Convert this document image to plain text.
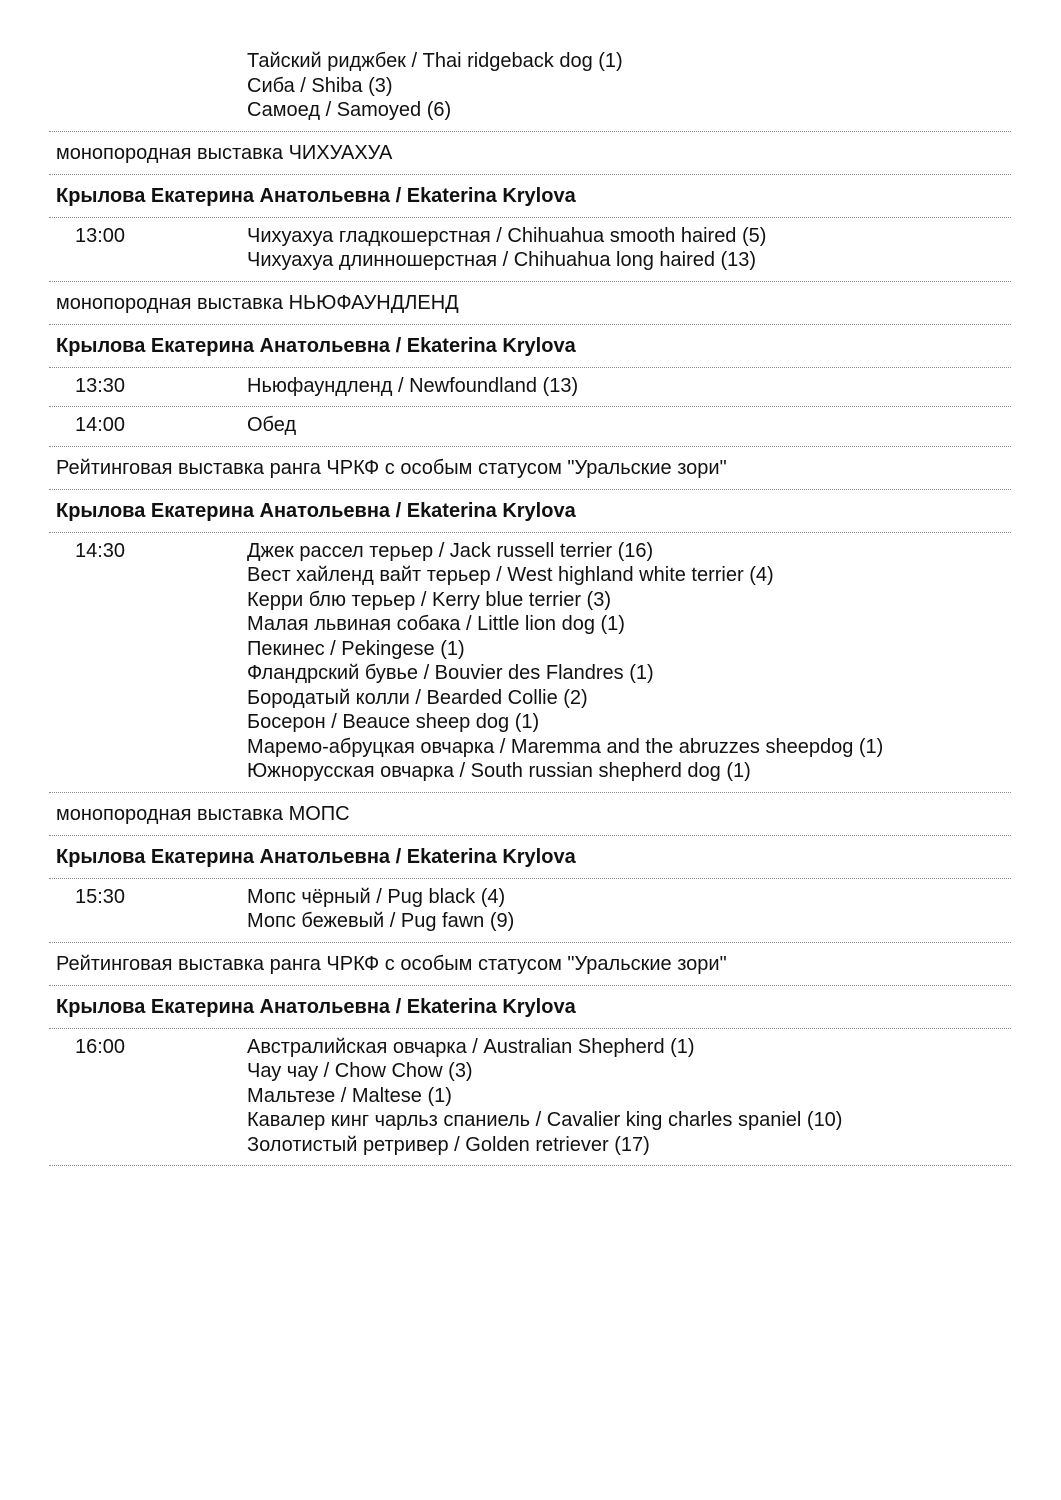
Тайский риджбек / Thai ridgeback dog (1)
Сиба / Shiba (3)
Самоед / Samoyed (6)
монопородная выставка ЧИХУАХУА
Крылова Екатерина Анатольевна / Ekaterina Krylova
13:00	Чихуахуа гладкошерстная / Chihuahua smooth haired (5)
Чихуахуа длинношерстная / Chihuahua long haired (13)
монопородная выставка НЬЮФАУНДЛЕНД
Крылова Екатерина Анатольевна / Ekaterina Krylova
13:30	Ньюфаундленд / Newfoundland (13)
14:00	Обед
Рейтинговая выставка ранга ЧРКФ с особым статусом "Уральские зори"
Крылова Екатерина Анатольевна / Ekaterina Krylova
14:30	Джек рассел терьер / Jack russell terrier (16)
Вест хайленд вайт терьер / West highland white terrier (4)
Керри блю терьер / Kerry blue terrier (3)
Малая львиная собака / Little lion dog (1)
Пекинес / Pekingese (1)
Фландрский бувье / Bouvier des Flandres (1)
Бородатый колли / Bearded Collie (2)
Босерон / Beauce sheep dog (1)
Маремо-абруцкая овчарка / Maremma and the abruzzes sheepdog (1)
Южнорусская овчарка / South russian shepherd dog (1)
монопородная выставка МОПС
Крылова Екатерина Анатольевна / Ekaterina Krylova
15:30	Мопс чёрный / Pug black (4)
Мопс бежевый / Pug fawn (9)
Рейтинговая выставка ранга ЧРКФ с особым статусом "Уральские зори"
Крылова Екатерина Анатольевна / Ekaterina Krylova
16:00	Австралийская овчарка / Australian Shepherd (1)
Чау чау / Chow Chow (3)
Мальтезе / Maltese (1)
Кавалер кинг чарльз спаниель / Cavalier king charles spaniel (10)
Золотистый ретривер / Golden retriever (17)
